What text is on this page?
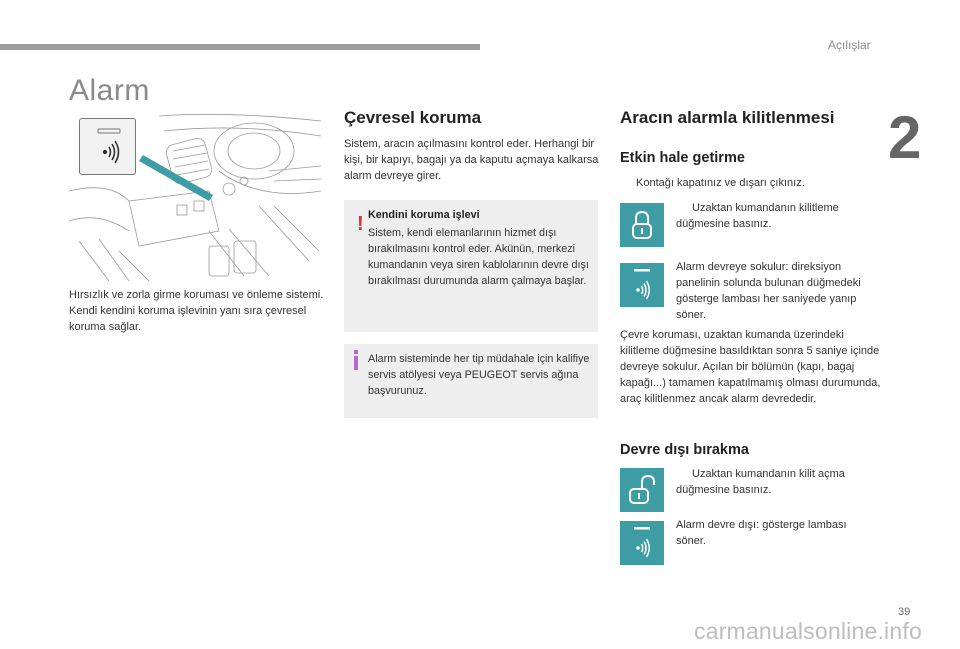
Açılışlar
2
Alarm
Hırsızlık ve zorla girme koruması ve önleme sistemi. Kendi kendini koruma işlevinin yanı sıra çevresel koruma sağlar.
Çevresel koruma
Sistem, aracın açılmasını kontrol eder. Herhangi bir kişi, bir kapıyı, bagajı ya da kaputu açmaya kalkarsa alarm devreye girer.
! Kendini koruma işlevi
Sistem, kendi elemanlarının hizmet dışı bırakılmasını kontrol eder. Akünün, merkezi kumandanın veya siren kablolarının devre dışı bırakılması durumunda alarm çalmaya başlar.
Alarm sisteminde her tip müdahale için kalifiye servis atölyesi veya PEUGEOT servis ağına başvurunuz.
Aracın alarmla kilitlenmesi
Etkin hale getirme
Kontağı kapatınız ve dışarı çıkınız.
Uzaktan kumandanın kilitleme düğmesine basınız.
Alarm devreye sokulur: direksiyon panelinin solunda bulunan düğmedeki gösterge lambası her saniyede yanıp söner.
Çevre koruması, uzaktan kumanda üzerindeki kilitleme düğmesine basıldıktan sonra 5 saniye içinde devreye sokulur. Açılan bir bölümün (kapı, bagaj kapağı...) tamamen kapatılmamış olması durumunda, araç kilitlenmez ancak alarm devrededir.
Devre dışı bırakma
Uzaktan kumandanın kilit açma düğmesine basınız.
Alarm devre dışı: gösterge lambası söner.
39
carmanualsonline.info
